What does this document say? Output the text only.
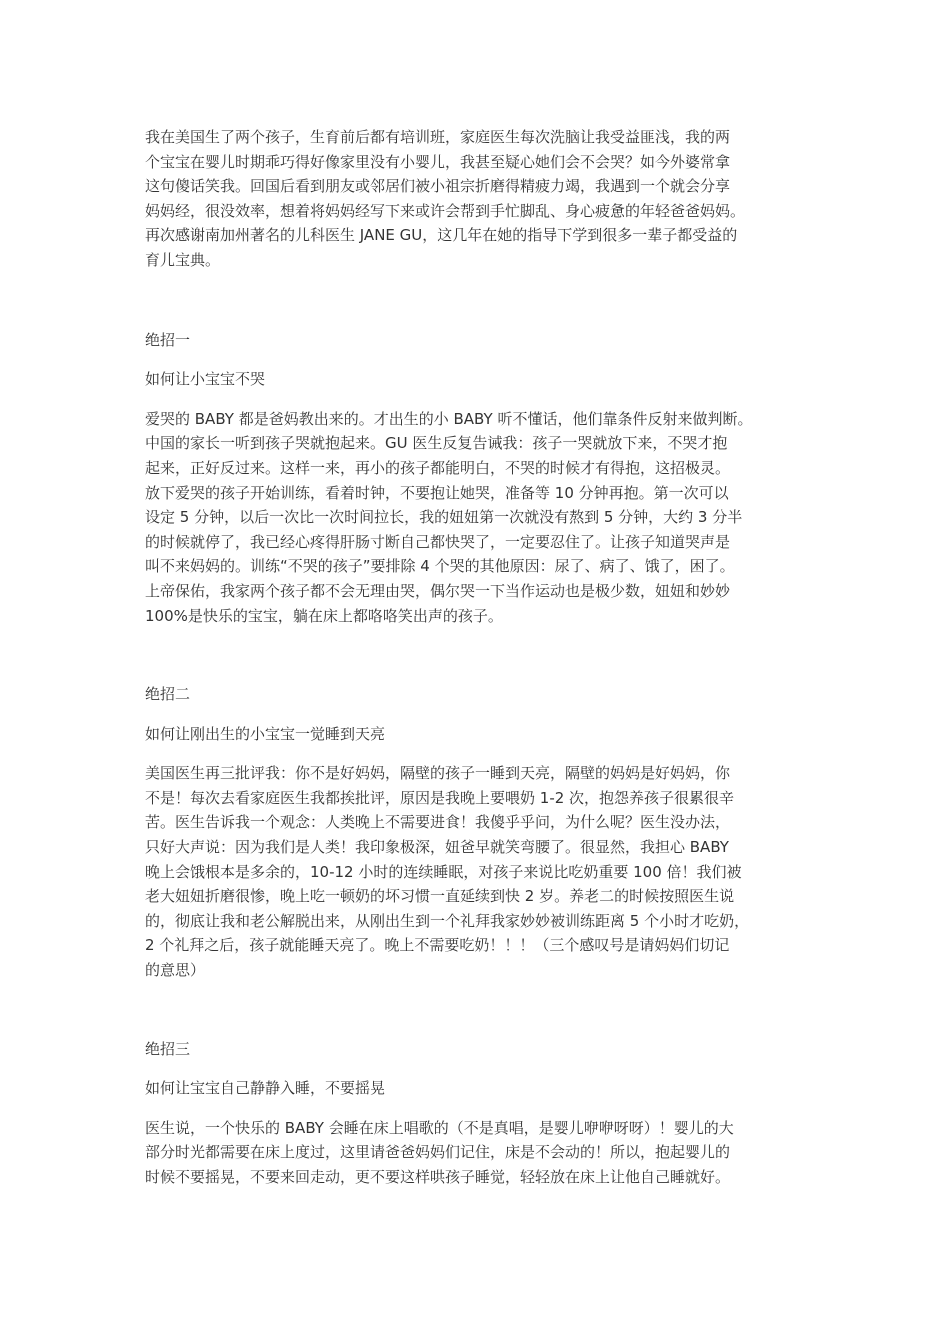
我在美国生了两个孩子，生育前后都有培训班，家庭医生每次洗脑让我受益匪浅，我的两
个宝宝在婴儿时期乖巧得好像家里没有小婴儿，我甚至疑心她们会不会哭？如今外婆常拿
这句傻话笑我。回国后看到朋友或邻居们被小祖宗折磨得精疲力竭，我遇到一个就会分享
妈妈经，很没效率，想着将妈妈经写下来或许会帮到手忙脚乱、身心疲惫的年轻爸爸妈妈。
再次感谢南加州著名的儿科医生 JANE GU，这几年在她的指导下学到很多一辈子都受益的
育儿宝典。

绝招一

如何让小宝宝不哭

爱哭的 BABY 都是爸妈教出来的。才出生的小 BABY 听不懂话，他们靠条件反射来做判断。
中国的家长一听到孩子哭就抱起来。GU 医生反复告诫我：孩子一哭就放下来，不哭才抱
起来，正好反过来。这样一来，再小的孩子都能明白，不哭的时候才有得抱，这招极灵。
放下爱哭的孩子开始训练，看着时钟，不要抱让她哭，准备等 10 分钟再抱。第一次可以
设定 5 分钟，以后一次比一次时间拉长，我的妞妞第一次就没有熬到 5 分钟，大约 3 分半
的时候就停了，我已经心疼得肝肠寸断自己都快哭了，一定要忍住了。让孩子知道哭声是
叫不来妈妈的。训练“不哭的孩子”要排除 4 个哭的其他原因：尿了、病了、饿了，困了。
上帝保佑，我家两个孩子都不会无理由哭，偶尔哭一下当作运动也是极少数，妞妞和妙妙
100%是快乐的宝宝，躺在床上都咯咯笑出声的孩子。

绝招二

如何让刚出生的小宝宝一觉睡到天亮

美国医生再三批评我：你不是好妈妈，隔壁的孩子一睡到天亮，隔壁的妈妈是好妈妈，你
不是！每次去看家庭医生我都挨批评，原因是我晚上要喂奶 1-2 次，抱怨养孩子很累很辛
苦。医生告诉我一个观念：人类晚上不需要进食！我傻乎乎问，为什么呢？医生没办法，
只好大声说：因为我们是人类！我印象极深，妞爸早就笑弯腰了。很显然，我担心 BABY
晚上会饿根本是多余的，10-12 小时的连续睡眠，对孩子来说比吃奶重要 100 倍！我们被
老大妞妞折磨很惨，晚上吃一顿奶的坏习惯一直延续到快 2 岁。养老二的时候按照医生说
的，彻底让我和老公解脱出来，从刚出生到一个礼拜我家妙妙被训练距离 5 个小时才吃奶，
2 个礼拜之后，孩子就能睡天亮了。晚上不需要吃奶！！！（三个感叹号是请妈妈们切记
的意思）

绝招三

如何让宝宝自己静静入睡，不要摇晃

医生说，一个快乐的 BABY 会睡在床上唱歌的（不是真唱，是婴儿咿咿呀呀）！婴儿的大
部分时光都需要在床上度过，这里请爸爸妈妈们记住，床是不会动的！所以，抱起婴儿的
时候不要摇晃，不要来回走动，更不要这样哄孩子睡觉，轻轻放在床上让他自己睡就好。
